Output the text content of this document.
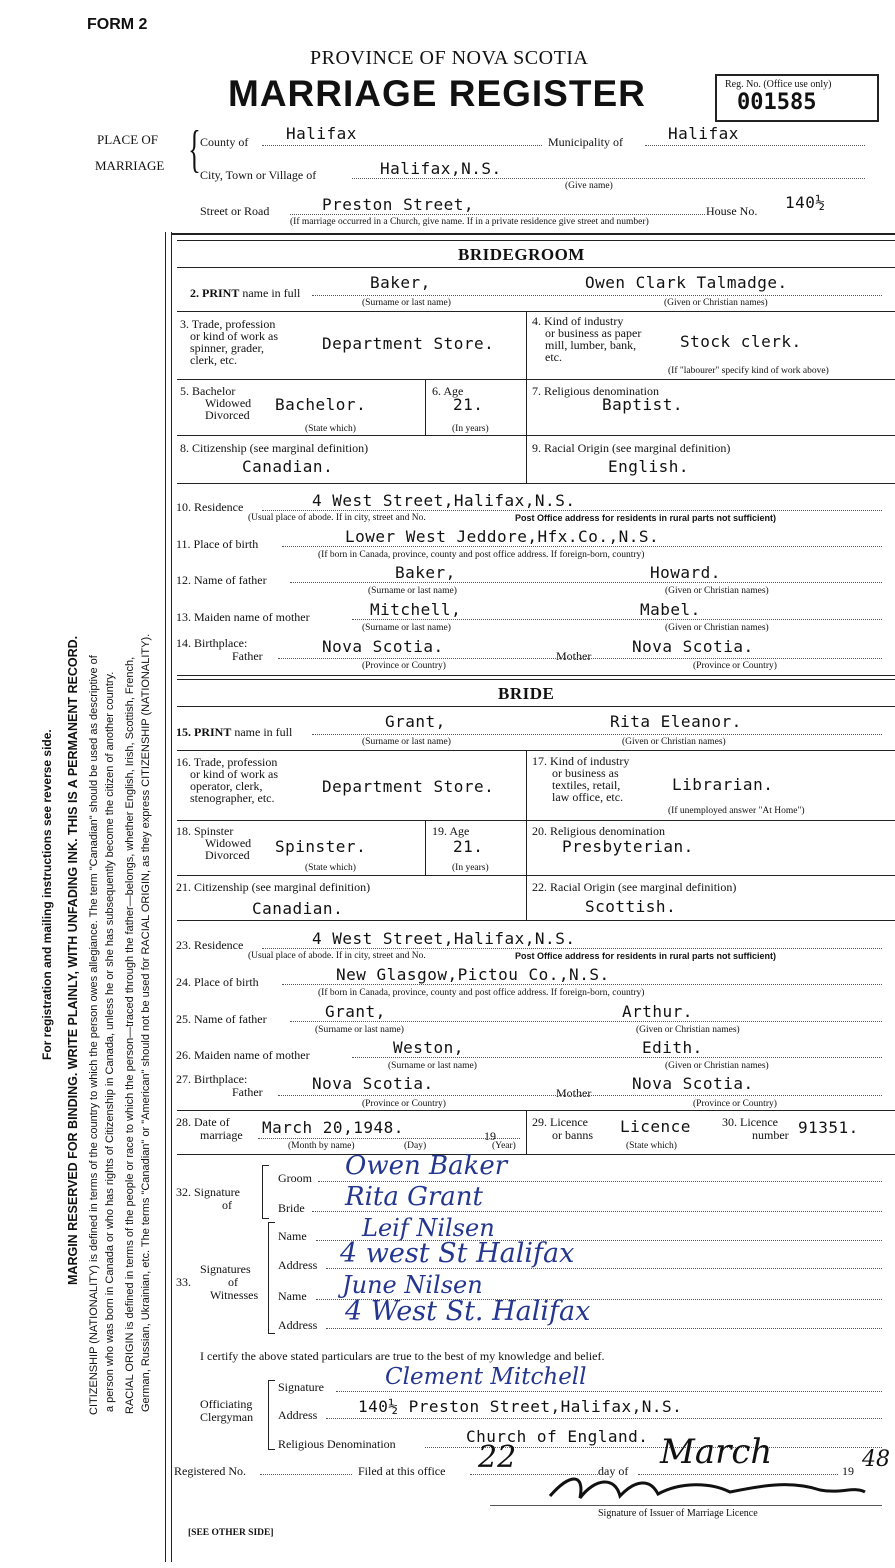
FORM 2
PROVINCE OF NOVA SCOTIA
MARRIAGE REGISTER	Reg. No. (Office use only)
001585
For registration and mailing instructions see reverse side. MARGIN RESERVED FOR BINDING. WRITE PLAINLY, WITH UNFADING INK. THIS IS A PERMANENT RECORD. CITIZENSHIP (NATIONALITY) is defined in terms of the country to which the person owes allegiance. The term "Canadian" should be used as descriptive of a person who was born in Canada or who has rights of Citizenship in Canada, unless he or she has subsequently become the citizen of another country. RACIAL ORIGIN is defined in terms of the people or race to which the person—traced through the father—belongs, whether English, Irish, Scottish, French, German, Russian, Ukrainian, etc. The terms "Canadian" or "American" should not be used for RACIAL ORIGIN, as they express CITIZENSHIP (NATIONALITY).
PLACE OF
MARRIAGE { County of Halifax	Municipality of	Halifax
City, Town or Village of	Halifax,N.S.
(Give name)
Street or Road	Preston Street,	House No. 140½
(If marriage occurred in a Church, give name. If in a private residence give street and number)
BRIDEGROOM
2. PRINT name in full
Baker,	Owen Clark Talmadge.
(Surname or last name)	(Given or Christian names)
3. Trade, profession
or kind of work as
spinner, grader,
clerk, etc.
Department Store.
4. Kind of industry
or business as paper
mill, lumber, bank,
etc.
Stock clerk.
(If "labourer" specify kind of work above)
5. Bachelor
Widowed
Divorced
Bachelor.
(State which)
6. Age
21.
(In years)
7. Religious denomination
Baptist.
8. Citizenship (see marginal definition)
Canadian.
9. Racial Origin (see marginal definition)
English.
10. Residence	4 West Street,Halifax,N.S.
(Usual place of abode. If in city, street and No.	Post Office address for residents in rural parts not sufficient)
11. Place of birth	Lower West Jeddore,Hfx.Co.,N.S.
(If born in Canada, province, county and post office address. If foreign-born, country)
12. Name of father	Baker,	Howard.
(Surname or last name)	(Given or Christian names)
13. Maiden name of mother	Mitchell,	Mabel.
(Surname or last name)	(Given or Christian names)
14. Birthplace:
Father	Nova Scotia.	Mother	Nova Scotia.
(Province or Country)	(Province or Country)
BRIDE
15. PRINT name in full
Grant,	Rita Eleanor.
(Surname or last name)	(Given or Christian names)
16. Trade, profession
or kind of work as
operator, clerk,
stenographer, etc.
Department Store.
17. Kind of industry
or business as
textiles, retail,
law office, etc.
Librarian.
(If unemployed answer "At Home")
18. Spinster
Widowed
Divorced Spinster.
(State which)
19. Age
21.
(In years)
20. Religious denomination
Presbyterian.
21. Citizenship (see marginal definition)
Canadian.
22. Racial Origin (see marginal definition)
Scottish.
23. Residence	4 West Street,Halifax,N.S.
(Usual place of abode. If in city, street and No.	Post Office address for residents in rural parts not sufficient)
24. Place of birth	New Glasgow,Pictou Co.,N.S.
(If born in Canada, province, county and post office address. If foreign-born, country)
25. Name of father	Grant,	Arthur.
(Surname or last name)	(Given or Christian names)
26. Maiden name of mother	Weston,	Edith.
(Surname or last name)	(Given or Christian names)
27. Birthplace:
Father	Nova Scotia.	Mother	Nova Scotia.
(Province or Country)	(Province or Country)
28. Date of
marriage March 20,1948.	19
(Month by name)	(Day)	(Year)
29. Licence
or banns Licence
(State which)
30. Licence
number 91351.
32. Signature
of
Groom Owen Baker
Bride Rita Grant
Signatures
of
Witnesses
33.
Name Leif Nilsen
Address 4 west St Halifax
Name June Nilsen
Address 4 West St. Halifax
I certify the above stated particulars are true to the best of my knowledge and belief.
Officiating
Clergyman
Signature	Clement Mitchell
Address	140½ Preston Street,Halifax,N.S.
Religious Denomination	Church of England.
Registered No.	Filed at this office 22	day of March	19 48
Signature of Issuer of Marriage Licence
[SEE OTHER SIDE]
